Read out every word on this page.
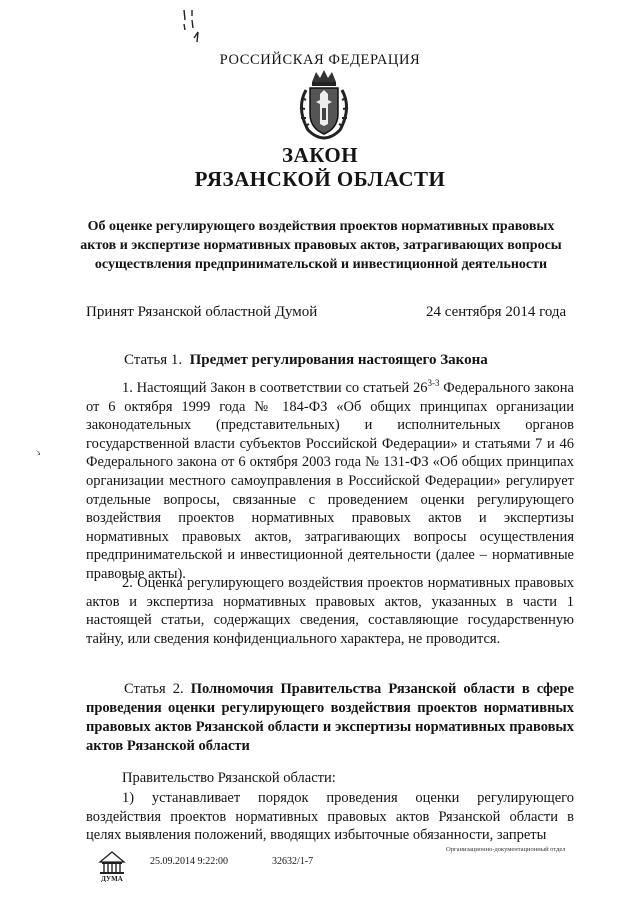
ゝ
РОССИЙСКАЯ ФЕДЕРАЦИЯ
ЗАКОН
РЯЗАНСКОЙ ОБЛАСТИ
Об оценке регулирующего воздействия проектов нормативных правовых актов и экспертизе нормативных правовых актов, затрагивающих вопросы осуществления предпринимательской и инвестиционной деятельности
Принят Рязанской областной Думой	24 сентября 2014 года
Статья 1. Предмет регулирования настоящего Закона

1. Настоящий Закон в соответствии со статьей 26$^{3-3}$ Федерального закона от 6 октября 1999 года № 184-ФЗ «Об общих принципах организации законодательных (представительных) и исполнительных органов государственной власти субъектов Российской Федерации» и статьями 7 и 46 Федерального закона от 6 октября 2003 года № 131-ФЗ «Об общих принципах организации местного самоуправления в Российской Федерации» регулирует отдельные вопросы, связанные с проведением оценки регулирующего воздействия проектов нормативных правовых актов и экспертизы нормативных правовых актов, затрагивающих вопросы осуществления предпринимательской и инвестиционной деятельности (далее – нормативные правовые акты).

2. Оценка регулирующего воздействия проектов нормативных правовых актов и экспертиза нормативных правовых актов, указанных в части 1 настоящей статьи, содержащих сведения, составляющие государственную тайну, или сведения конфиденциального характера, не проводится.

Статья 2. Полномочия Правительства Рязанской области в сфере проведения оценки регулирующего воздействия проектов нормативных правовых актов Рязанской области и экспертизы нормативных правовых актов Рязанской области

Правительство Рязанской области:

1) устанавливает порядок проведения оценки регулирующего воздействия проектов нормативных правовых актов Рязанской области в целях выявления положений, вводящих избыточные обязанности, запреты

ДУМА
25.09.2014 9:22:00	32632/1-7
Организационно-документационный отдел
